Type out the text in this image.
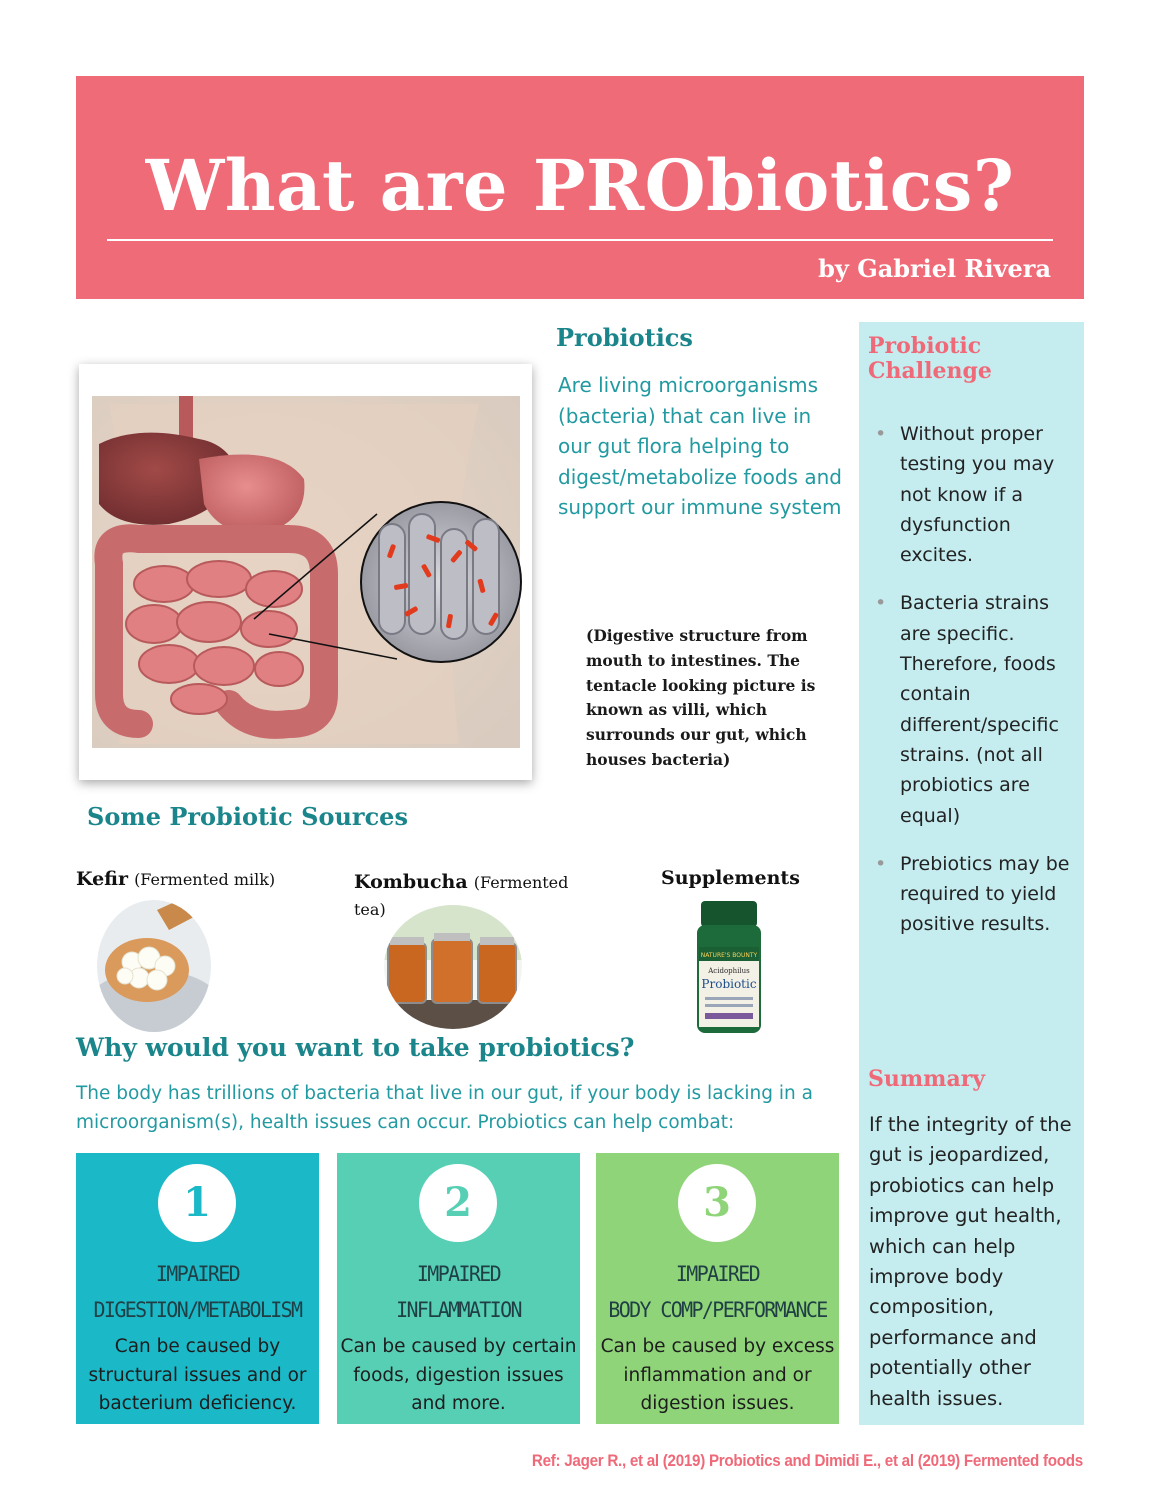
What are PRObiotics?
by Gabriel Rivera
Probiotics
Are living microorganisms (bacteria) that can live in our gut flora helping to digest/metabolize foods and support our immune system
(Digestive structure from mouth to intestines. The tentacle looking picture is known as villi, which surrounds our gut, which houses bacteria)
Some Probiotic Sources
Kefir (Fermented milk)	Kombucha (Fermented tea)
Supplements
NATURE'S BOUNTY
Acidophilus
Probiotic
Why would you want to take probiotics?
The body has trillions of bacteria that live in our gut, if your body is lacking in a microorganism(s), health issues can occur. Probiotics can help combat:
1
IMPAIRED
DIGESTION/METABOLISM
Can be caused by structural issues and or bacterium deficiency.
2
IMPAIRED
INFLAMMATION
Can be caused by certain foods, digestion issues and more.
3
IMPAIRED
BODY COMP/PERFORMANCE
Can be caused by excess inflammation and or digestion issues.
Probiotic Challenge
• Without proper testing you may not know if a dysfunction excites.
• Bacteria strains are specific. Therefore, foods contain different/specific strains. (not all probiotics are equal)
• Prebiotics may be required to yield positive results.
Summary
If the integrity of the gut is jeopardized, probiotics can help improve gut health, which can help improve body composition, performance and potentially other health issues.
Ref: Jager R., et al (2019) Probiotics and Dimidi E., et al (2019) Fermented foods
